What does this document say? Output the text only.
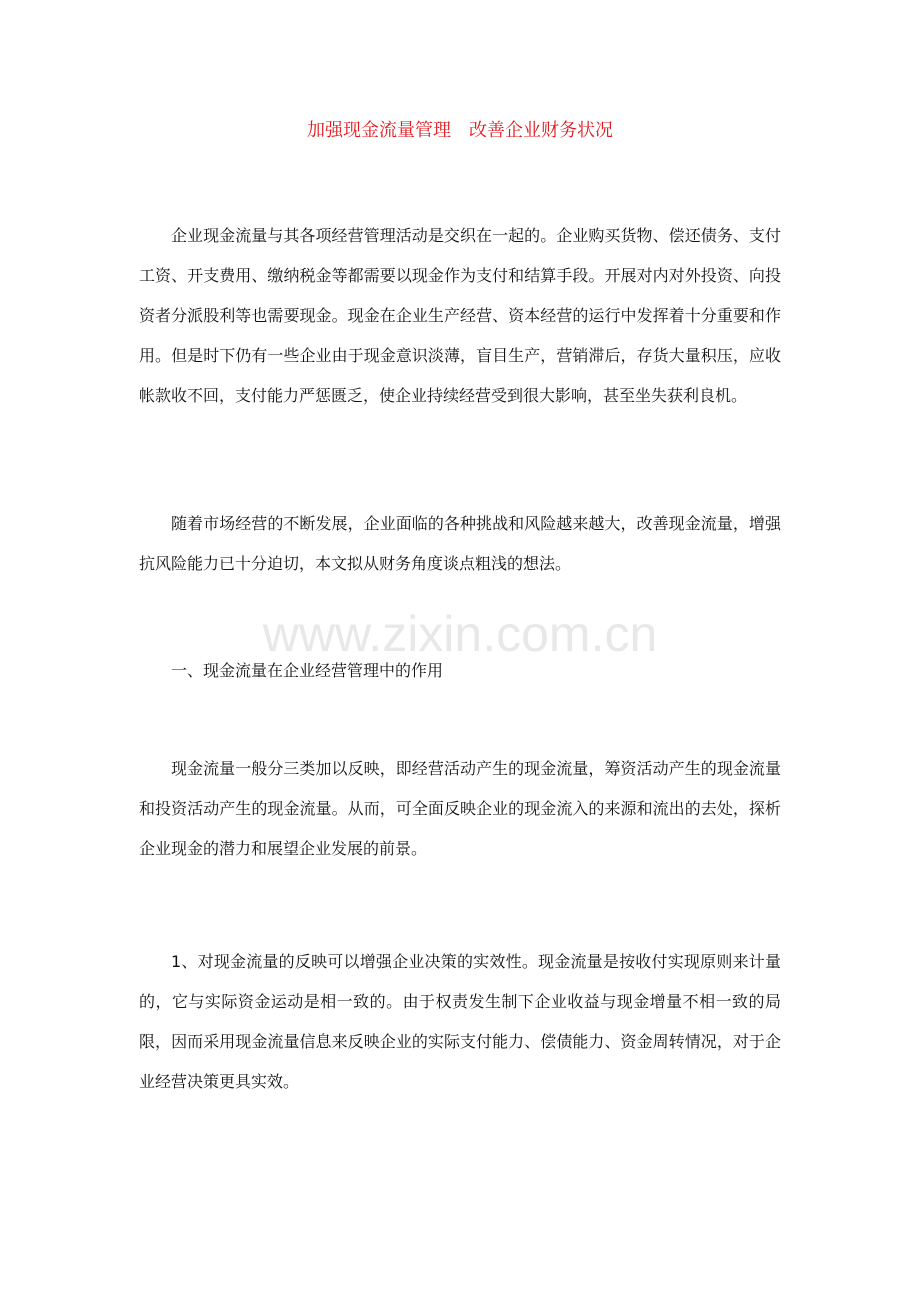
加强现金流量管理　改善企业财务状况

企业现金流量与其各项经营管理活动是交织在一起的。企业购买货物、偿还债务、支付工资、开支费用、缴纳税金等都需要以现金作为支付和结算手段。开展对内对外投资、向投资者分派股利等也需要现金。现金在企业生产经营、资本经营的运行中发挥着十分重要和作用。但是时下仍有一些企业由于现金意识淡薄，盲目生产，营销滞后，存货大量积压，应收帐款收不回，支付能力严惩匮乏，使企业持续经营受到很大影响，甚至坐失获利良机。

随着市场经营的不断发展，企业面临的各种挑战和风险越来越大，改善现金流量，增强抗风险能力已十分迫切，本文拟从财务角度谈点粗浅的想法。

www.zixin.com.cn

一、现金流量在企业经营管理中的作用

现金流量一般分三类加以反映，即经营活动产生的现金流量，筹资活动产生的现金流量和投资活动产生的现金流量。从而，可全面反映企业的现金流入的来源和流出的去处，探析企业现金的潜力和展望企业发展的前景。

1、对现金流量的反映可以增强企业决策的实效性。现金流量是按收付实现原则来计量的，它与实际资金运动是相一致的。由于权责发生制下企业收益与现金增量不相一致的局限，因而采用现金流量信息来反映企业的实际支付能力、偿债能力、资金周转情况，对于企业经营决策更具实效。
